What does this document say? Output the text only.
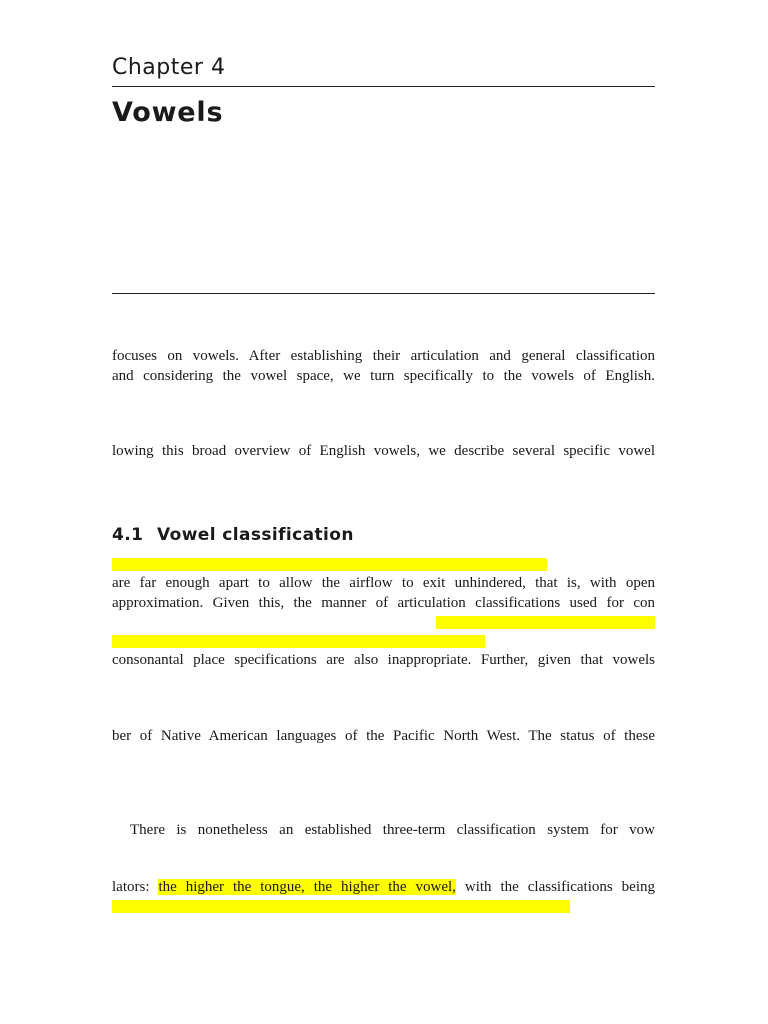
Chapter 4
Vowels
focuses on vowels. After establishing their articulation and general classification
and considering the vowel space, we turn specifically to the vowels of English.
lowing this broad overview of English vowels, we describe several specific vowel
4.1 Vowel classification
are far enough apart to allow the airflow to exit unhindered, that is, with open
approximation. Given this, the manner of articulation classifications used for con
consonantal place specifications are also inappropriate. Further, given that vowels
ber of Native American languages of the Pacific North West. The status of these
There is nonetheless an established three-term classification system for vow
lators: the higher the tongue, the higher the vowel, with the classifications being
